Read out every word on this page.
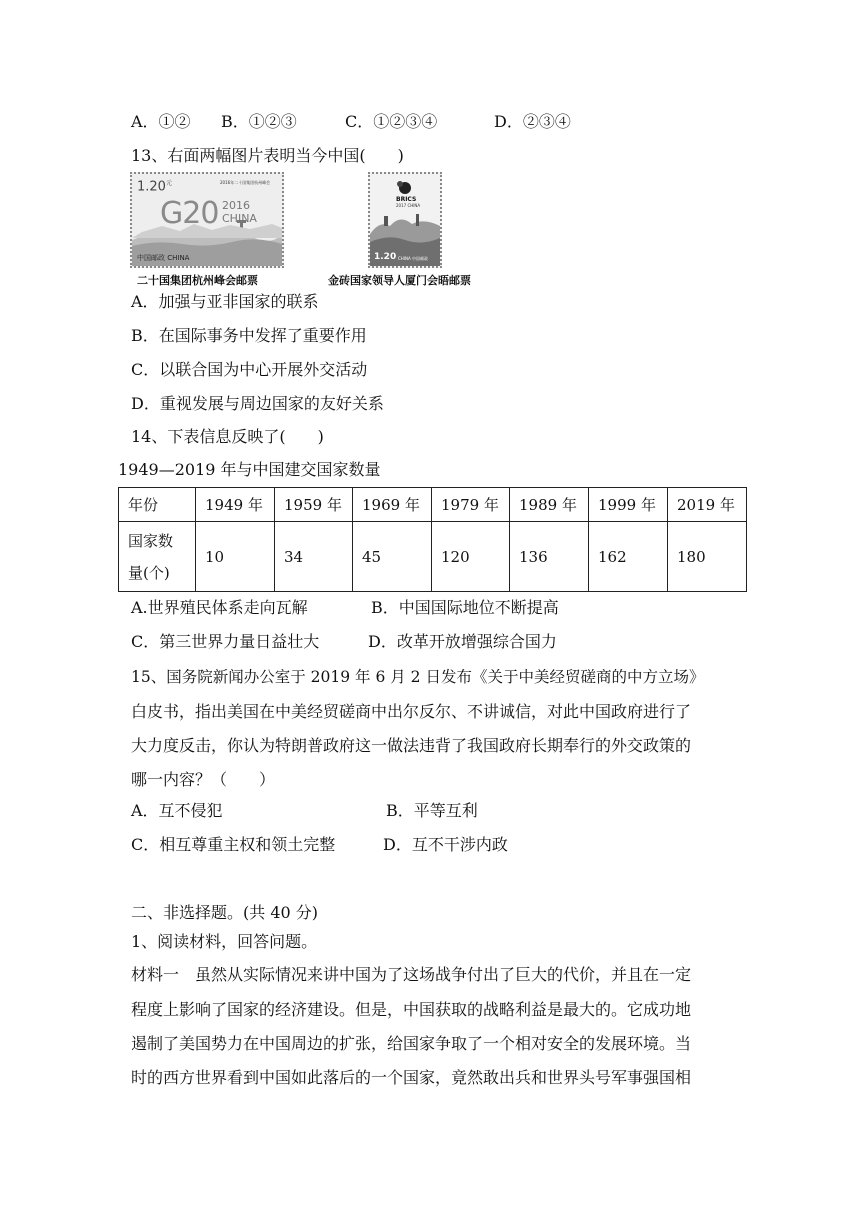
A．①② B．①②③	C．①②③④	D．②③④
13、右面两幅图片表明当今中国(　　)
$1.20^元$	2016年二十国集团杭州峰会
G20 2016
CHINA
中国邮政 CHINA
二十国集团杭州峰会邮票
BRICS
2017 CHINA
1.20 CHINA 中国邮政
金砖国家领导人厦门会晤邮票
A．加强与亚非国家的联系
B．在国际事务中发挥了重要作用
C．以联合国为中心开展外交活动
D．重视发展与周边国家的友好关系
14、下表信息反映了(　　)
1949—2019 年与中国建交国家数量
年份	1949 年	1959 年	1969 年	1979 年	1989 年	1999 年	2019 年
国家数
量(个)	10	34	45	120	136	162	180
A.世界殖民体系走向瓦解	B．中国国际地位不断提高
C．第三世界力量日益壮大	D．改革开放增强综合国力
15、国务院新闻办公室于 2019 年 6 月 2 日发布《关于中美经贸磋商的中方立场》
白皮书，指出美国在中美经贸磋商中出尔反尔、不讲诚信，对此中国政府进行了
大力度反击，你认为特朗普政府这一做法违背了我国政府长期奉行的外交政策的
哪一内容？（　　）
A．互不侵犯	B．平等互利
C．相互尊重主权和领土完整	D．互不干涉内政
二、非选择题。(共 40 分)
1、阅读材料，回答问题。
材料一　虽然从实际情况来讲中国为了这场战争付出了巨大的代价，并且在一定
程度上影响了国家的经济建设。但是，中国获取的战略利益是最大的。它成功地
遏制了美国势力在中国周边的扩张，给国家争取了一个相对安全的发展环境。当
时的西方世界看到中国如此落后的一个国家，竟然敢出兵和世界头号军事强国相
